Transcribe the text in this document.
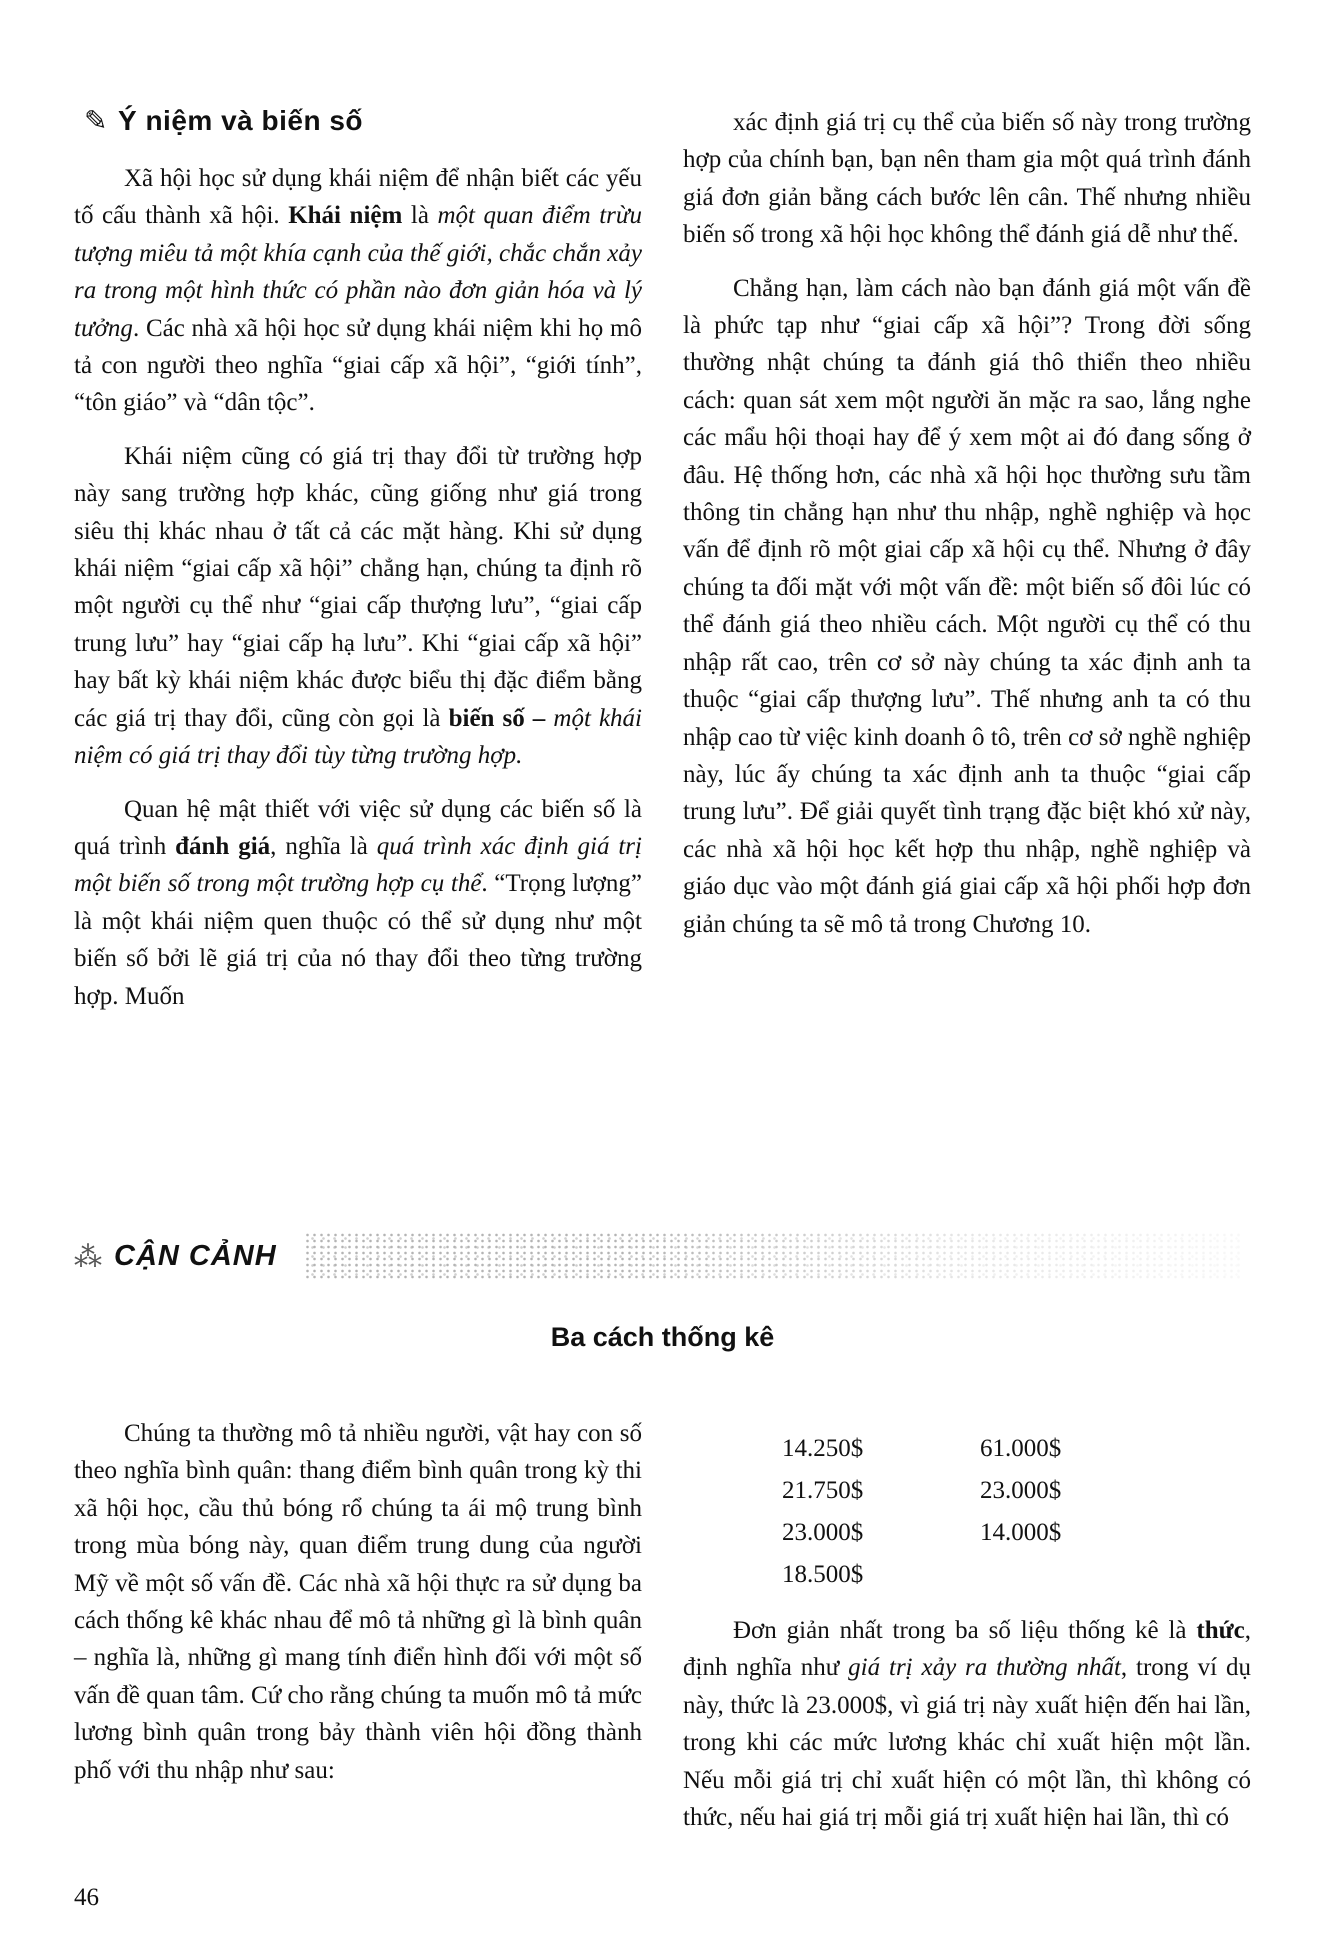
✎ Ý niệm và biến số

Xã hội học sử dụng khái niệm để nhận biết các yếu tố cấu thành xã hội. Khái niệm là một quan điểm trừu tượng miêu tả một khía cạnh của thế giới, chắc chắn xảy ra trong một hình thức có phần nào đơn giản hóa và lý tưởng. Các nhà xã hội học sử dụng khái niệm khi họ mô tả con người theo nghĩa “giai cấp xã hội”, “giới tính”, “tôn giáo” và “dân tộc”.

Khái niệm cũng có giá trị thay đổi từ trường hợp này sang trường hợp khác, cũng giống như giá trong siêu thị khác nhau ở tất cả các mặt hàng. Khi sử dụng khái niệm “giai cấp xã hội” chẳng hạn, chúng ta định rõ một người cụ thể như “giai cấp thượng lưu”, “giai cấp trung lưu” hay “giai cấp hạ lưu”. Khi “giai cấp xã hội” hay bất kỳ khái niệm khác được biểu thị đặc điểm bằng các giá trị thay đổi, cũng còn gọi là biến số – một khái niệm có giá trị thay đổi tùy từng trường hợp.

Quan hệ mật thiết với việc sử dụng các biến số là quá trình đánh giá, nghĩa là quá trình xác định giá trị một biến số trong một trường hợp cụ thể. “Trọng lượng” là một khái niệm quen thuộc có thể sử dụng như một biến số bởi lẽ giá trị của nó thay đổi theo từng trường hợp. Muốn

xác định giá trị cụ thể của biến số này trong trường hợp của chính bạn, bạn nên tham gia một quá trình đánh giá đơn giản bằng cách bước lên cân. Thế nhưng nhiều biến số trong xã hội học không thể đánh giá dễ như thế.

Chẳng hạn, làm cách nào bạn đánh giá một vấn đề là phức tạp như “giai cấp xã hội”? Trong đời sống thường nhật chúng ta đánh giá thô thiển theo nhiều cách: quan sát xem một người ăn mặc ra sao, lắng nghe các mẩu hội thoại hay để ý xem một ai đó đang sống ở đâu. Hệ thống hơn, các nhà xã hội học thường sưu tầm thông tin chẳng hạn như thu nhập, nghề nghiệp và học vấn để định rõ một giai cấp xã hội cụ thể. Nhưng ở đây chúng ta đối mặt với một vấn đề: một biến số đôi lúc có thể đánh giá theo nhiều cách. Một người cụ thể có thu nhập rất cao, trên cơ sở này chúng ta xác định anh ta thuộc “giai cấp thượng lưu”. Thế nhưng anh ta có thu nhập cao từ việc kinh doanh ô tô, trên cơ sở nghề nghiệp này, lúc ấy chúng ta xác định anh ta thuộc “giai cấp trung lưu”. Để giải quyết tình trạng đặc biệt khó xử này, các nhà xã hội học kết hợp thu nhập, nghề nghiệp và giáo dục vào một đánh giá giai cấp xã hội phối hợp đơn giản chúng ta sẽ mô tả trong Chương 10.

⁂ CẬN CẢNH
Ba cách thống kê

Chúng ta thường mô tả nhiều người, vật hay con số theo nghĩa bình quân: thang điểm bình quân trong kỳ thi xã hội học, cầu thủ bóng rổ chúng ta ái mộ trung bình trong mùa bóng này, quan điểm trung dung của người Mỹ về một số vấn đề. Các nhà xã hội thực ra sử dụng ba cách thống kê khác nhau để mô tả những gì là bình quân – nghĩa là, những gì mang tính điển hình đối với một số vấn đề quan tâm. Cứ cho rằng chúng ta muốn mô tả mức lương bình quân trong bảy thành viên hội đồng thành phố với thu nhập như sau:

14.250$	61.000$
21.750$	23.000$
23.000$	14.000$
18.500$

Đơn giản nhất trong ba số liệu thống kê là thức, định nghĩa như giá trị xảy ra thường nhất, trong ví dụ này, thức là 23.000$, vì giá trị này xuất hiện đến hai lần, trong khi các mức lương khác chỉ xuất hiện một lần. Nếu mỗi giá trị chỉ xuất hiện có một lần, thì không có thức, nếu hai giá trị mỗi giá trị xuất hiện hai lần, thì có

46
